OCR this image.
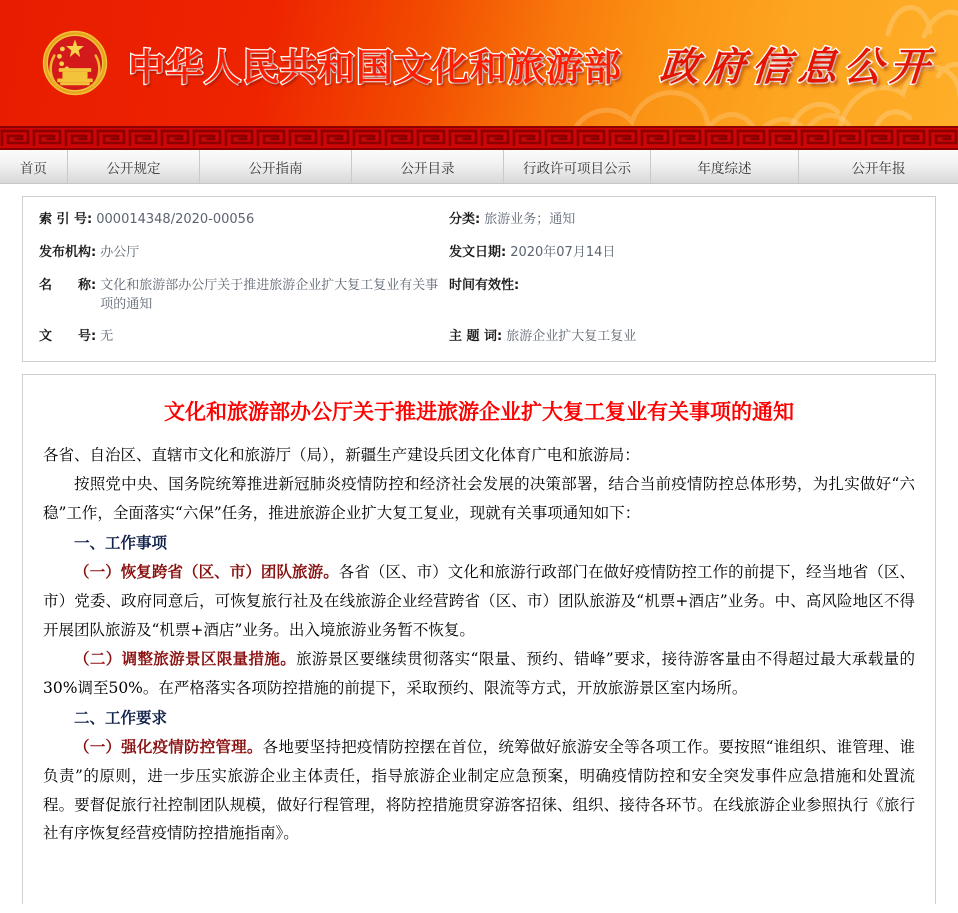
中华人民共和国文化和旅游部 政府信息公开
首页	公开规定	公开指南	公开目录	行政许可项目公示	年度综述	公开年报
索 引 号: 000014348/2020-00056	分类: 旅游业务；通知
发布机构: 办公厅	发文日期: 2020年07月14日
名　　称: 文化和旅游部办公厅关于推进旅游企业扩大复工复业有关事项的通知
时间有效性:
文　　号: 无	主 题 词: 旅游企业扩大复工复业
文化和旅游部办公厅关于推进旅游企业扩大复工复业有关事项的通知

各省、自治区、直辖市文化和旅游厅（局），新疆生产建设兵团文化体育广电和旅游局：

按照党中央、国务院统筹推进新冠肺炎疫情防控和经济社会发展的决策部署，结合当前疫情防控总体形势，为扎实做好“六稳”工作，全面落实“六保”任务，推进旅游企业扩大复工复业，现就有关事项通知如下：

一、工作事项

（一）恢复跨省（区、市）团队旅游。各省（区、市）文化和旅游行政部门在做好疫情防控工作的前提下，经当地省（区、市）党委、政府同意后，可恢复旅行社及在线旅游企业经营跨省（区、市）团队旅游及“机票+酒店”业务。中、高风险地区不得开展团队旅游及“机票+酒店”业务。出入境旅游业务暂不恢复。

（二）调整旅游景区限量措施。旅游景区要继续贯彻落实“限量、预约、错峰”要求，接待游客量由不得超过最大承载量的30%调至50%。在严格落实各项防控措施的前提下，采取预约、限流等方式，开放旅游景区室内场所。

二、工作要求

（一）强化疫情防控管理。各地要坚持把疫情防控摆在首位，统筹做好旅游安全等各项工作。要按照“谁组织、谁管理、谁负责”的原则，进一步压实旅游企业主体责任，指导旅游企业制定应急预案，明确疫情防控和安全突发事件应急措施和处置流程。要督促旅行社控制团队规模，做好行程管理，将防控措施贯穿游客招徕、组织、接待各环节。在线旅游企业参照执行《旅行社有序恢复经营疫情防控措施指南》。
